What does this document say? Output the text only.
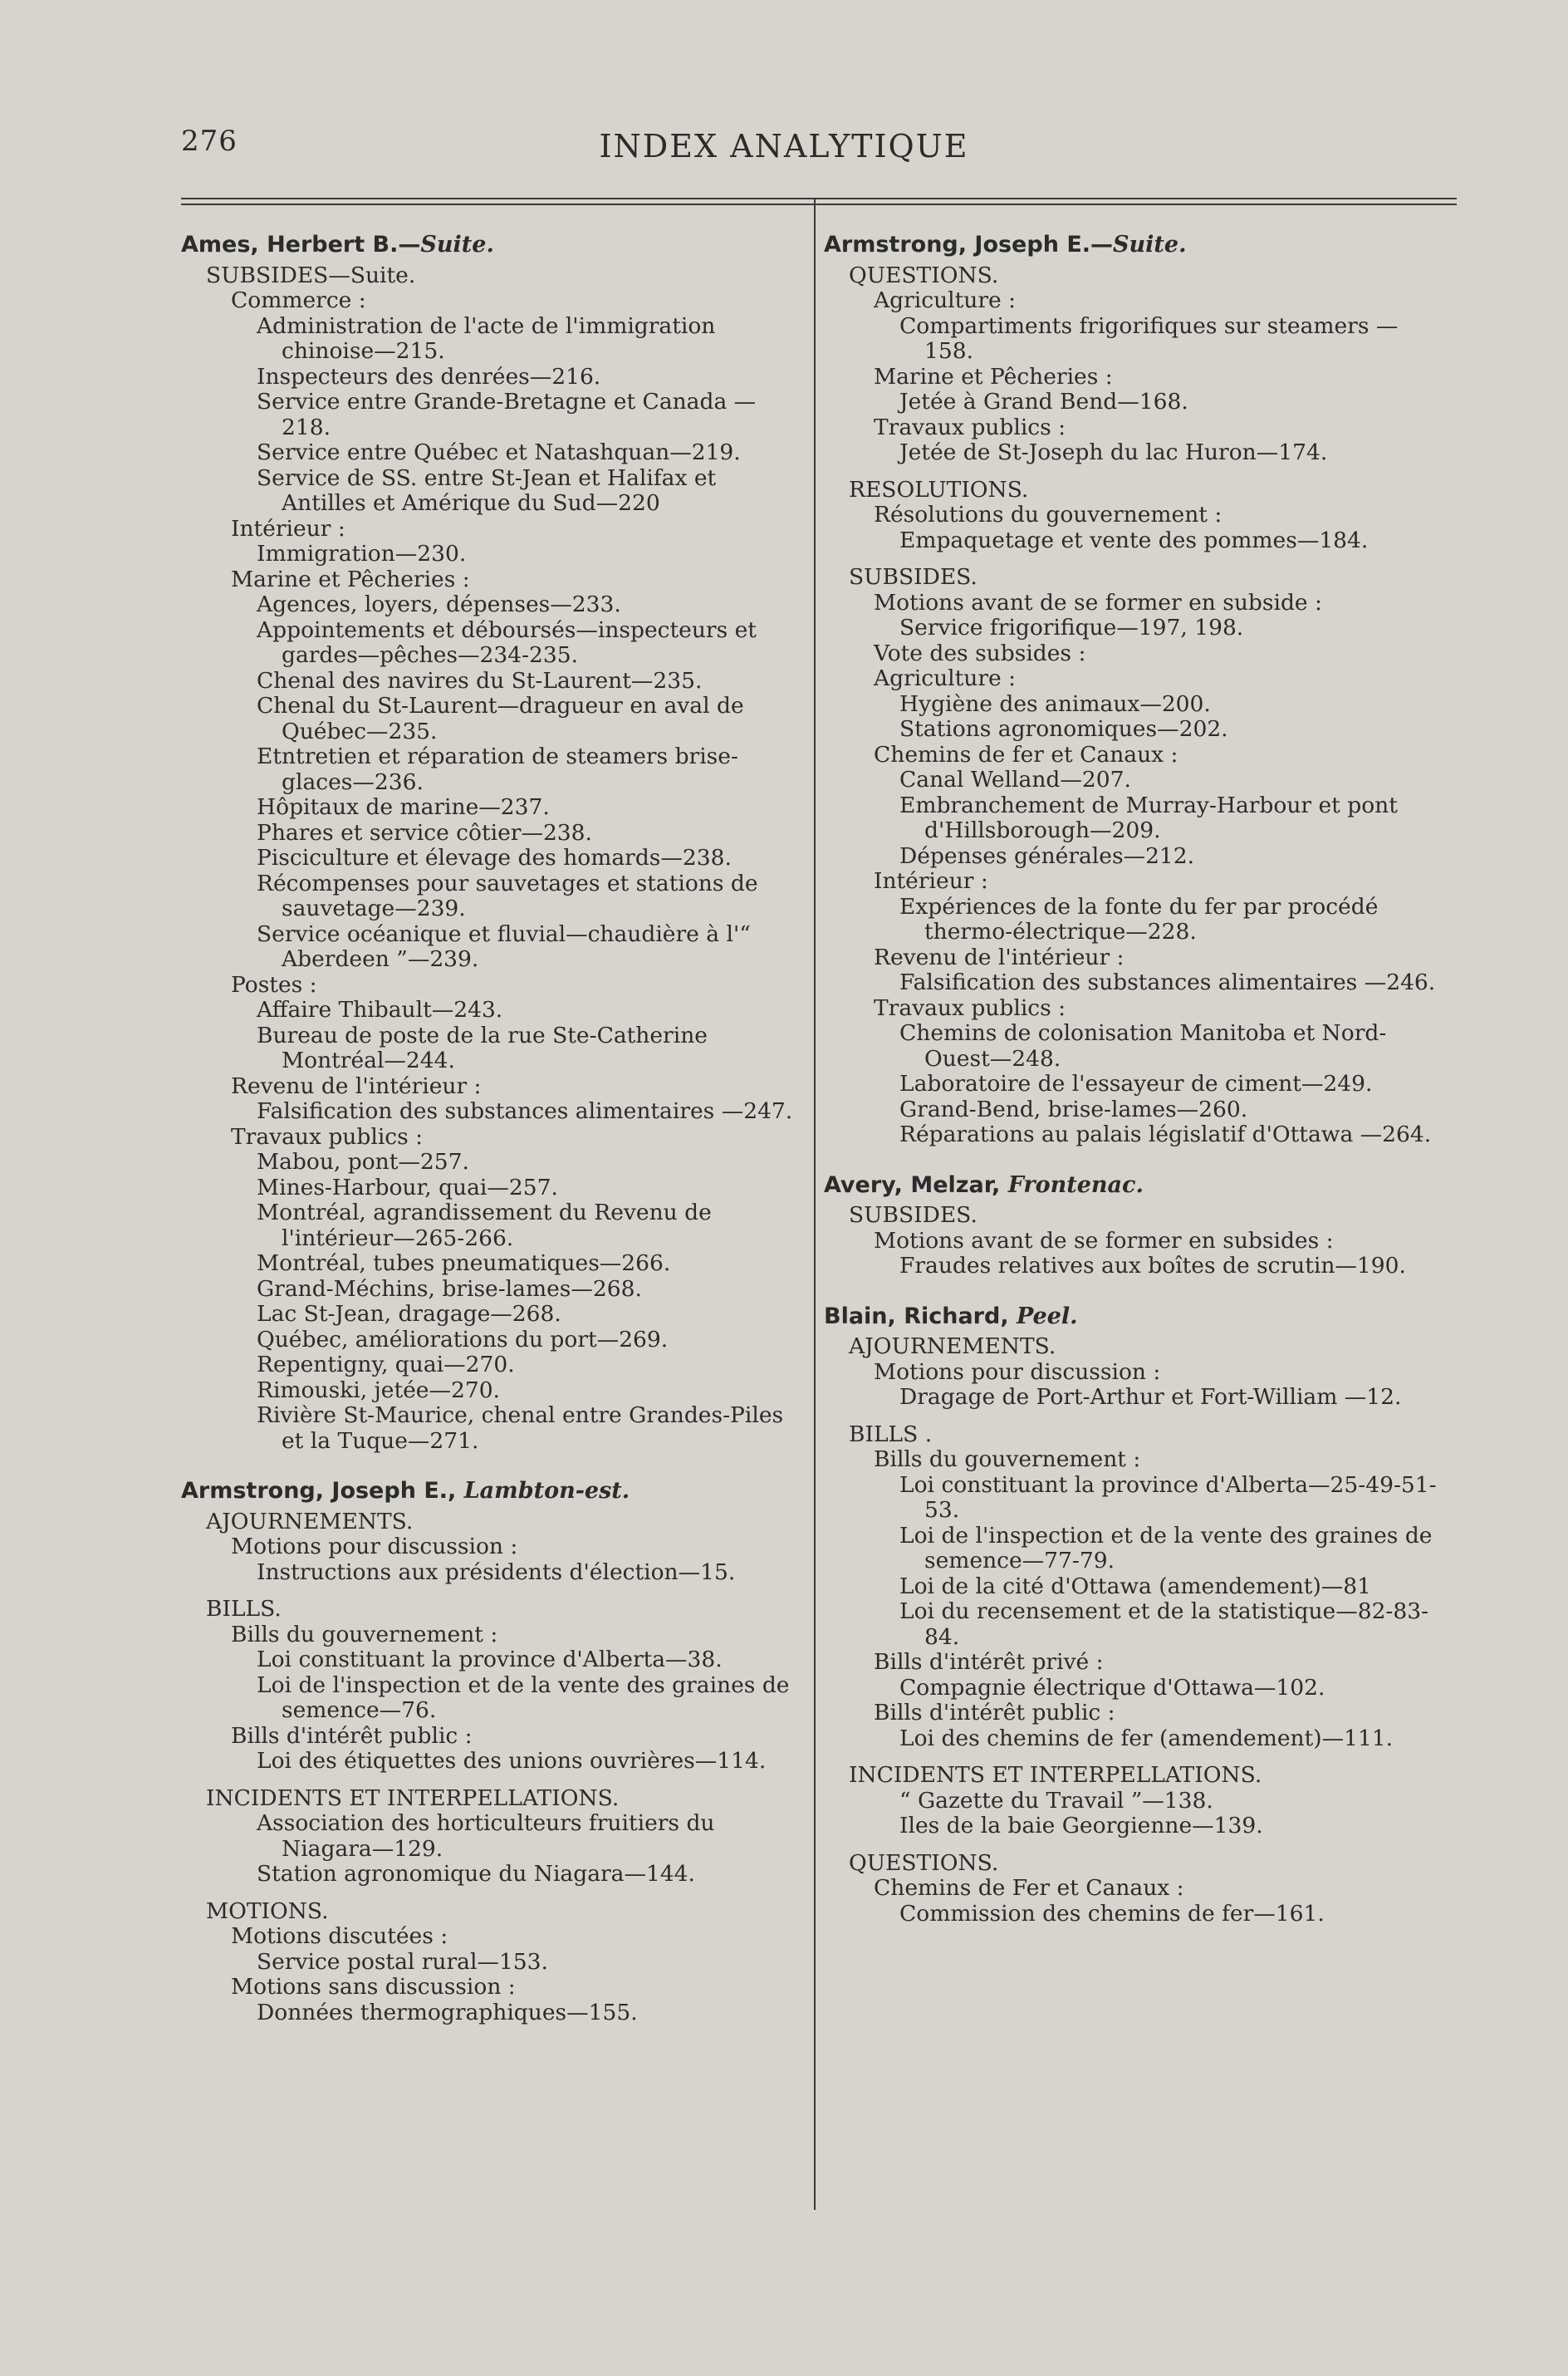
276	INDEX ANALYTIQUE
Ames, Herbert B.—Suite.
SUBSIDES—Suite.
Commerce :
Administration de l'acte de l'immigration chinoise—215.
Inspecteurs des denrées—216.
Service entre Grande-Bretagne et Canada —218.
Service entre Québec et Natashquan—219.
Service de SS. entre St-Jean et Halifax et Antilles et Amérique du Sud—220
Intérieur :
Immigration—230.
Marine et Pêcheries :
Agences, loyers, dépenses—233.
Appointements et déboursés—inspecteurs et gardes—pêches—234-235.
Chenal des navires du St-Laurent—235.
Chenal du St-Laurent—dragueur en aval de Québec—235.
Etntretien et réparation de steamers brise-glaces—236.
Hôpitaux de marine—237.
Phares et service côtier—238.
Pisciculture et élevage des homards—238.
Récompenses pour sauvetages et stations de sauvetage—239.
Service océanique et fluvial—chaudière à l'“ Aberdeen ”—239.
Postes :
Affaire Thibault—243.
Bureau de poste de la rue Ste-Catherine Montréal—244.
Revenu de l'intérieur :
Falsification des substances alimentaires —247.
Travaux publics :
Mabou, pont—257.
Mines-Harbour, quai—257.
Montréal, agrandissement du Revenu de l'intérieur—265-266.
Montréal, tubes pneumatiques—266.
Grand-Méchins, brise-lames—268.
Lac St-Jean, dragage—268.
Québec, améliorations du port—269.
Repentigny, quai—270.
Rimouski, jetée—270.
Rivière St-Maurice, chenal entre Grandes-Piles et la Tuque—271.
Armstrong, Joseph E., Lambton-est.
AJOURNEMENTS.
Motions pour discussion :
Instructions aux présidents d'élection—15.
BILLS.
Bills du gouvernement :
Loi constituant la province d'Alberta—38.
Loi de l'inspection et de la vente des graines de semence—76.
Bills d'intérêt public :
Loi des étiquettes des unions ouvrières—114.
INCIDENTS ET INTERPELLATIONS.
Association des horticulteurs fruitiers du Niagara—129.
Station agronomique du Niagara—144.
MOTIONS.
Motions discutées :
Service postal rural—153.
Motions sans discussion :
Données thermographiques—155.
Armstrong, Joseph E.—Suite.
QUESTIONS.
Agriculture :
Compartiments frigorifiques sur steamers —158.
Marine et Pêcheries :
Jetée à Grand Bend—168.
Travaux publics :
Jetée de St-Joseph du lac Huron—174.
RESOLUTIONS.
Résolutions du gouvernement :
Empaquetage et vente des pommes—184.
SUBSIDES.
Motions avant de se former en subside :
Service frigorifique—197, 198.
Vote des subsides :
Agriculture :
Hygiène des animaux—200.
Stations agronomiques—202.
Chemins de fer et Canaux :
Canal Welland—207.
Embranchement de Murray-Harbour et pont d'Hillsborough—209.
Dépenses générales—212.
Intérieur :
Expériences de la fonte du fer par procédé thermo-électrique—228.
Revenu de l'intérieur :
Falsification des substances alimentaires —246.
Travaux publics :
Chemins de colonisation Manitoba et Nord-Ouest—248.
Laboratoire de l'essayeur de ciment—249.
Grand-Bend, brise-lames—260.
Réparations au palais législatif d'Ottawa —264.
Avery, Melzar, Frontenac.
SUBSIDES.
Motions avant de se former en subsides :
Fraudes relatives aux boîtes de scrutin—190.
Blain, Richard, Peel.
AJOURNEMENTS.
Motions pour discussion :
Dragage de Port-Arthur et Fort-William —12.
BILLS .
Bills du gouvernement :
Loi constituant la province d'Alberta—25-49-51-53.
Loi de l'inspection et de la vente des graines de semence—77-79.
Loi de la cité d'Ottawa (amendement)—81
Loi du recensement et de la statistique—82-83-84.
Bills d'intérêt privé :
Compagnie électrique d'Ottawa—102.
Bills d'intérêt public :
Loi des chemins de fer (amendement)—111.
INCIDENTS ET INTERPELLATIONS.
“ Gazette du Travail ”—138.
Iles de la baie Georgienne—139.
QUESTIONS.
Chemins de Fer et Canaux :
Commission des chemins de fer—161.
